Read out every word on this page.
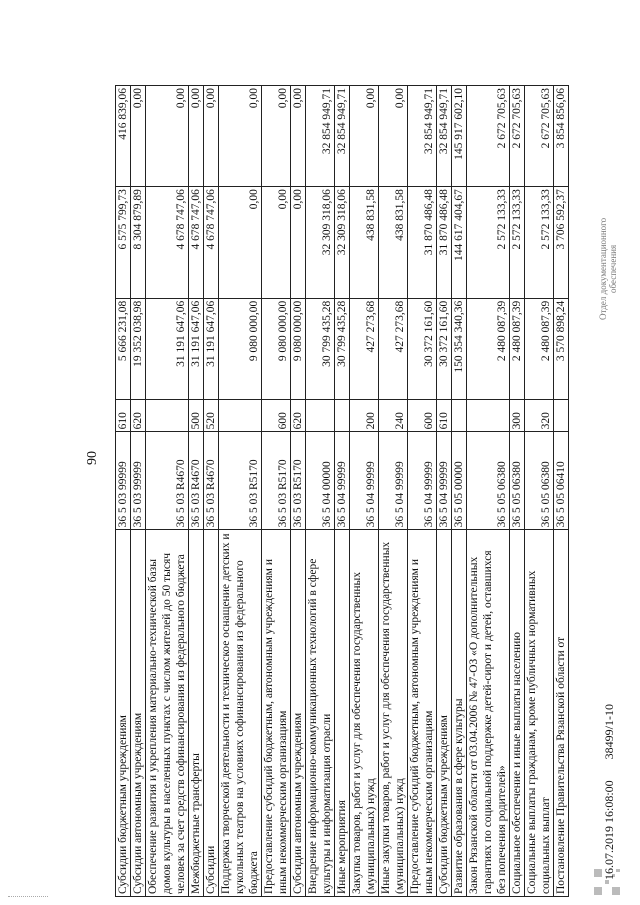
90
Субсидии бюджетным учреждениям	36 5 03 99999	610	5 666 231,08	6 575 799,73	416 839,06
Субсидии автономным учреждениям	36 5 03 99999	620	19 352 038,98	8 304 879,89	0,00
Обеспечение развития и укрепления материально-технической базы домов культуры в населенных пунктах с числом жителей до 50 тысяч человек за счет средств софинансирования из федерального бюджета	36 5 03 R4670		31 191 647,06	4 678 747,06	0,00
Межбюджетные трансферты	36 5 03 R4670	500	31 191 647,06	4 678 747,06	0,00
Субсидии	36 5 03 R4670	520	31 191 647,06	4 678 747,06	0,00
Поддержка творческой деятельности и техническое оснащение детских и кукольных театров на условиях софинансирования из федерального бюджета	36 5 03 R5170		9 080 000,00	0,00	0,00
Предоставление субсидий бюджетным, автономным учреждениям и иным некоммерческим организациям	36 5 03 R5170	600	9 080 000,00	0,00	0,00
Субсидии автономным учреждениям	36 5 03 R5170	620	9 080 000,00	0,00	0,00
Внедрение информационно-коммуникационных технологий в сфере культуры и информатизация отрасли	36 5 04 00000		30 799 435,28	32 309 318,06	32 854 949,71
Иные мероприятия	36 5 04 99999		30 799 435,28	32 309 318,06	32 854 949,71
Закупка товаров, работ и услуг для обеспечения государственных (муниципальных) нужд	36 5 04 99999	200	427 273,68	438 831,58	0,00
Иные закупки товаров, работ и услуг для обеспечения государственных (муниципальных) нужд	36 5 04 99999	240	427 273,68	438 831,58	0,00
Предоставление субсидий бюджетным, автономным учреждениям и иным некоммерческим организациям	36 5 04 99999	600	30 372 161,60	31 870 486,48	32 854 949,71
Субсидии бюджетным учреждениям	36 5 04 99999	610	30 372 161,60	31 870 486,48	32 854 949,71
Развитие образования в сфере культуры	36 5 05 00000		150 354 340,36	144 617 404,67	145 917 602,10
Закон Рязанской области от 03.04.2006 № 47-ОЗ «О дополнительных гарантиях по социальной поддержке детей-сирот и детей, оставшихся без попечения родителей»	36 5 05 06380		2 480 087,39	2 572 133,33	2 672 705,63
Социальное обеспечение и иные выплаты населению	36 5 05 06380	300	2 480 087,39	2 572 133,33	2 672 705,63
Социальные выплаты гражданам, кроме публичных нормативных социальных выплат	36 5 05 06380	320	2 480 087,39	2 572 133,33	2 672 705,63
Постановление Правительства Рязанской области от	36 5 05 06410		3 570 898,24	3 706 592,37	3 854 856,06
16.07.2019 16:08:00       38499/1-10
Отдел документационного обеспечения
